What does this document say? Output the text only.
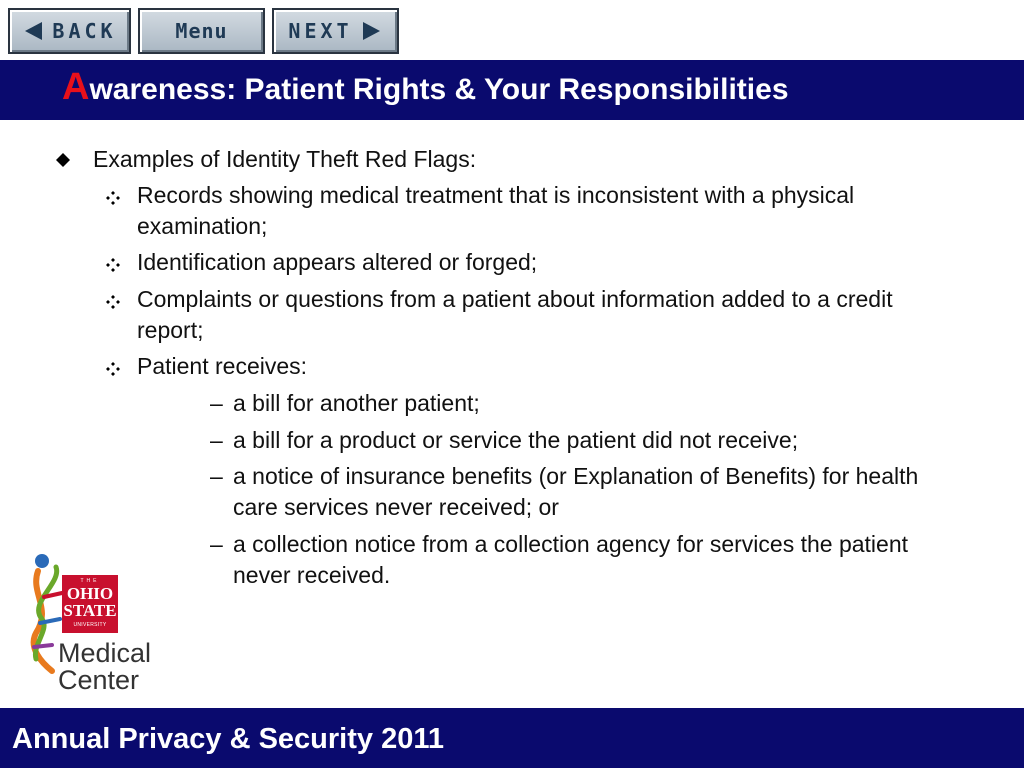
BACK	Menu	NEXT
Awareness: Patient Rights & Your Responsibilities
Examples of Identity Theft Red Flags:
Records showing medical treatment that is inconsistent with a physical examination;
Identification appears altered or forged;
Complaints or questions from a patient about information added to a credit report;
Patient receives:
– a bill for another patient;
– a bill for a product or service the patient did not receive;
– a notice of insurance benefits (or Explanation of Benefits) for health care services never received; or
– a collection notice from a collection agency for services the patient never received.
THE
OHIO
STATE
UNIVERSITY
Medical
Center
Annual Privacy & Security 2011
